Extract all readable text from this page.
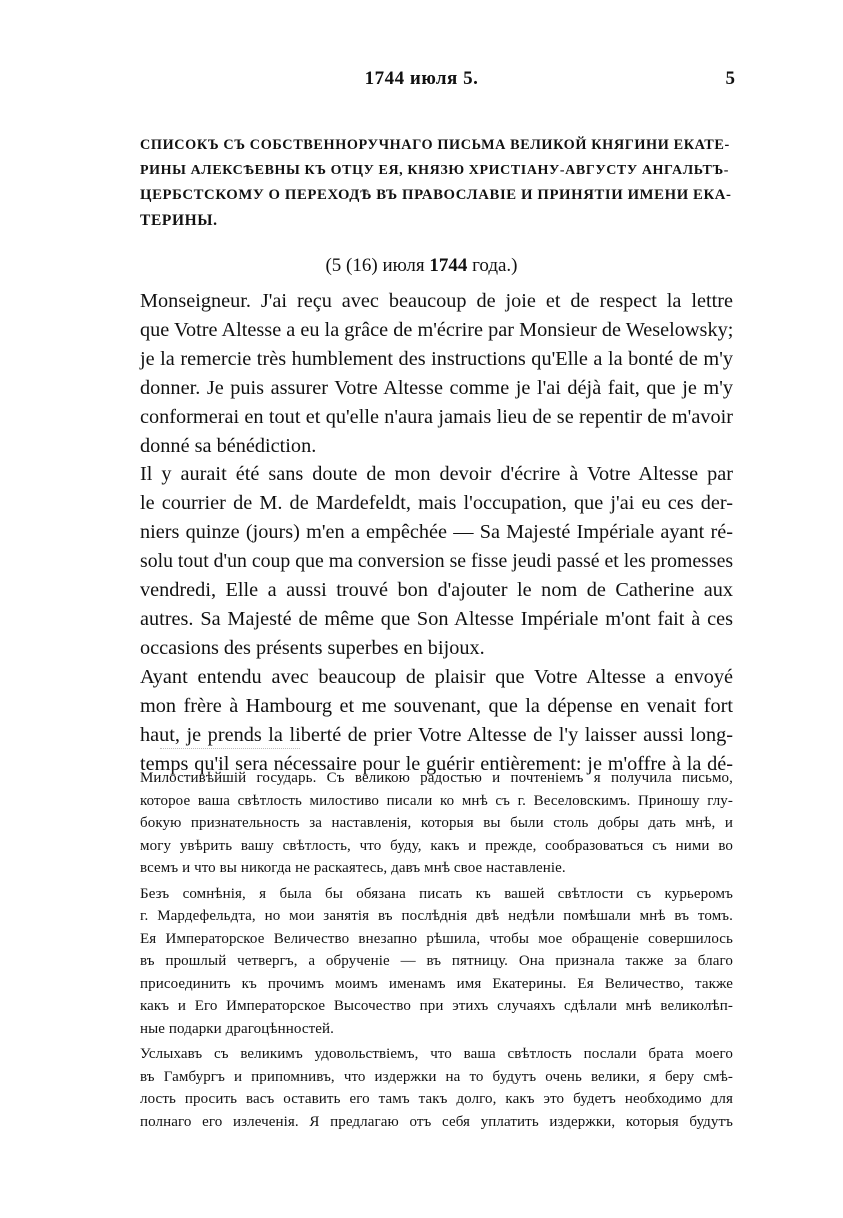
1744 июля 5.	5
СПИСОКЪ СЪ СОБСТВЕННОРУЧНАГО ПИСЬМА ВЕЛИКОЙ КНЯГИНИ ЕКАТЕ-
РИНЫ АЛЕКСѢЕВНЫ КЪ ОТЦУ ЕЯ, КНЯЗЮ ХРИСТІАНУ-АВГУСТУ АНГАЛЬТЪ-
ЦЕРБСТСКОМУ О ПЕРЕХОДѢ ВЪ ПРАВОСЛАВІЕ И ПРИНЯТІИ ИМЕНИ ЕКА-
ТЕРИНЫ.
(5 (16) июля 1744 года.)

Monseigneur. J'ai reçu avec beaucoup de joie et de respect la lettre
que Votre Altesse a eu la grâce de m'écrire par Monsieur de Weselowsky;
je la remercie très humblement des instructions qu'Elle a la bonté de m'y
donner. Je puis assurer Votre Altesse comme je l'ai déjà fait, que je m'y
conformerai en tout et qu'elle n'aura jamais lieu de se repentir de m'avoir
donné sa bénédiction.

Il y aurait été sans doute de mon devoir d'écrire à Votre Altesse par
le courrier de M. de Mardefeldt, mais l'occupation, que j'ai eu ces der-
niers quinze (jours) m'en a empêchée — Sa Majesté Impériale ayant ré-
solu tout d'un coup que ma conversion se fisse jeudi passé et les promesses
vendredi, Elle a aussi trouvé bon d'ajouter le nom de Catherine aux
autres. Sa Majesté de même que Son Altesse Impériale m'ont fait à ces
occasions des présents superbes en bijoux.

Ayant entendu avec beaucoup de plaisir que Votre Altesse a envoyé
mon frère à Hambourg et me souvenant, que la dépense en venait fort
haut, je prends la liberté de prier Votre Altesse de l'y laisser aussi long-
temps qu'il sera nécessaire pour le guérir entièrement: je m'offre à la dé-

Милостивѣйшій государь. Съ великою радостью и почтеніемъ я получила письмо,
которое ваша свѣтлость милостиво писали ко мнѣ съ г. Веселовскимъ. Приношу глу-
бокую признательность за наставленія, которыя вы были столь добры дать мнѣ, и
могу увѣрить вашу свѣтлость, что буду, какъ и прежде, сообразоваться съ ними во
всемъ и что вы никогда не раскаятесь, давъ мнѣ свое наставленіе.
Безъ сомнѣнія, я была бы обязана писать къ вашей свѣтлости съ курьеромъ
г. Мардефельдта, но мои занятія въ послѣднія двѣ недѣли помѣшали мнѣ въ томъ.
Ея Императорское Величество внезапно рѣшила, чтобы мое обращеніе совершилось
въ прошлый четвергъ, а обрученіе — въ пятницу. Она признала также за благо
присоединить къ прочимъ моимъ именамъ имя Екатерины. Ея Величество, также
какъ и Его Императорское Высочество при этихъ случаяхъ сдѣлали мнѣ великолѣп-
ные подарки драгоцѣнностей.
Услыхавъ съ великимъ удовольствіемъ, что ваша свѣтлость послали брата моего
въ Гамбургъ и припомнивъ, что издержки на то будутъ очень велики, я беру смѣ-
лость просить васъ оставить его тамъ такъ долго, какъ это будетъ необходимо для
полнаго его излеченія. Я предлагаю отъ себя уплатить издержки, которыя будутъ
